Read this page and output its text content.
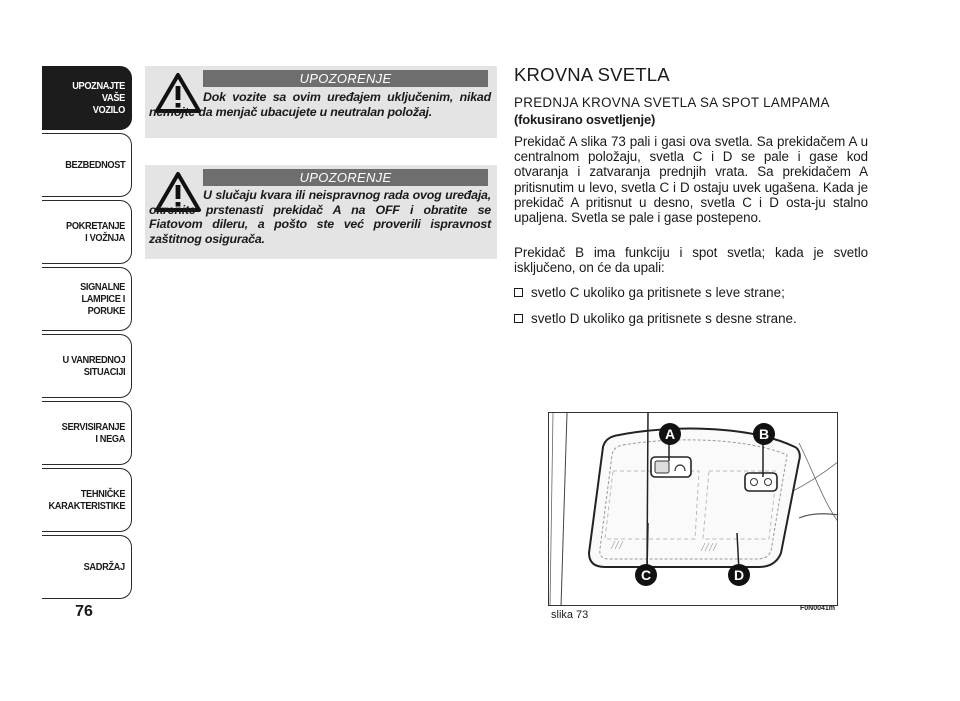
UPOZNAJTE
VAŠE
VOZILO
BEZBEDNOST
POKRETANJE
I VOŽNJA
SIGNALNE
LAMPICE I PORUKE
U VANREDNOJ
SITUACIJI
SERVISIRANJE
I NEGA
TEHNIČKE
KARAKTERISTIKE
SADRŽAJ
76
UPOZORENJE
Dok vozite sa ovim uređajem uključenim, nikad nemojte da menjač ubacujete u neutralan položaj.
UPOZORENJE
U slučaju kvara ili neispravnog rada ovog uređaja, okrenite prstenasti prekidač A na OFF i obratite se Fiatovom dileru, a pošto ste već proverili ispravnost zaštitnog osigurača.
KROVNA SVETLA
PREDNJA KROVNA SVETLA SA SPOT LAMPAMA
(fokusirano osvetljenje)
Prekidač A slika 73 pali i gasi ova svetla. Sa prekidačem A u centralnom položaju, svetla C i D se pale i gase kod otvaranja i zatvaranja prednjih vrata. Sa prekidačem A pritisnutim u levo, svetla C i D ostaju uvek ugašena. Kada je prekidač A pritisnut u desno, svetla C i D osta-ju stalno upaljena. Svetla se pale i gase postepeno.
Prekidač B ima funkciju i spot svetla; kada je svetlo isključeno, on će da upali:
svetlo C ukoliko ga pritisnete s leve strane;
svetlo D ukoliko ga pritisnete s desne strane.
A	B
C	D
slika 73
F0N0041m
